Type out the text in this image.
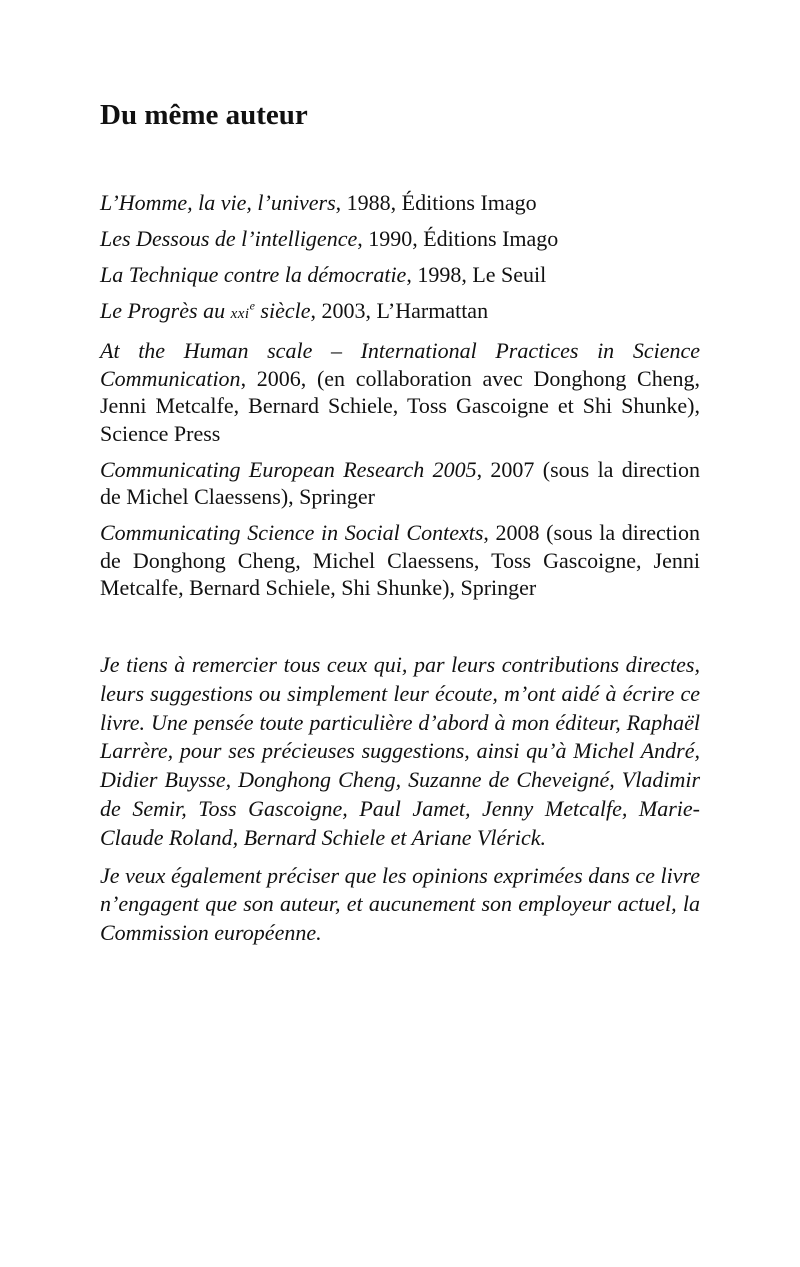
Du même auteur

L’Homme, la vie, l’univers, 1988, Éditions Imago

Les Dessous de l’intelligence, 1990, Éditions Imago

La Technique contre la démocratie, 1998, Le Seuil

Le Progrès au xxi$^e$ siècle, 2003, L’Harmattan

At the Human scale – International Practices in Science Communication, 2006, (en collaboration avec Donghong Cheng, Jenni Metcalfe, Bernard Schiele, Toss Gascoigne et Shi Shunke), Science Press

Communicating European Research 2005, 2007 (sous la direction de Michel Claessens), Springer

Communicating Science in Social Contexts, 2008 (sous la direction de Donghong Cheng, Michel Claessens, Toss Gascoigne, Jenni Metcalfe, Bernard Schiele, Shi Shunke), Springer

Je tiens à remercier tous ceux qui, par leurs contributions directes, leurs suggestions ou simplement leur écoute, m’ont aidé à écrire ce livre. Une pensée toute particulière d’abord à mon éditeur, Raphaël Larrère, pour ses précieuses suggestions, ainsi qu’à Michel André, Didier Buysse, Donghong Cheng, Suzanne de Cheveigné, Vladimir de Semir, Toss Gascoigne, Paul Jamet, Jenny Metcalfe, Marie-Claude Roland, Bernard Schiele et Ariane Vlérick.

Je veux également préciser que les opinions exprimées dans ce livre n’engagent que son auteur, et aucunement son employeur actuel, la Commission européenne.
